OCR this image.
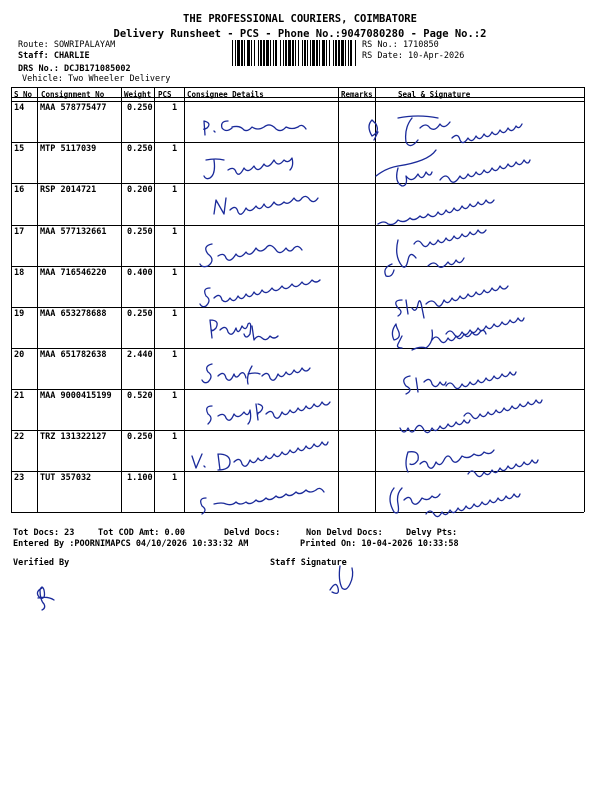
THE PROFESSIONAL COURIERS, COIMBATORE
Delivery Runsheet - PCS - Phone No.:9047080280 - Page No.:2
Route: SOWRIPALAYAM
Staff: CHARLIE
DRS No.: DCJB171085002
Vehicle: Two Wheeler Delivery
RS No.: 1710850
RS Date: 10-Apr-2026
S No Consignment No	Weight PCS Consignee Details	Remarks	Seal & Signature
14 MAA 578775477 0.250 1
15 MTP 5117039	0.250 1
16 RSP 2014721	0.200 1
17 MAA 577132661 0.250 1
18 MAA 716546220 0.400 1
19 MAA 653278688 0.250 1
20 MAA 651782638 2.440 1
21 MAA 9000415199 0.520 1
22 TRZ 131322127 0.250 1
23 TUT 357032	1.100 1
Tot Docs: 23	Tot COD Amt: 0.00	Delvd Docs:	Non Delvd Docs:	Delvy Pts:
Entered By :POORNIMAPCS 04/10/2026 10:33:32 AM	Printed On: 10-04-2026 10:33:58
Verified By	Staff Signature
